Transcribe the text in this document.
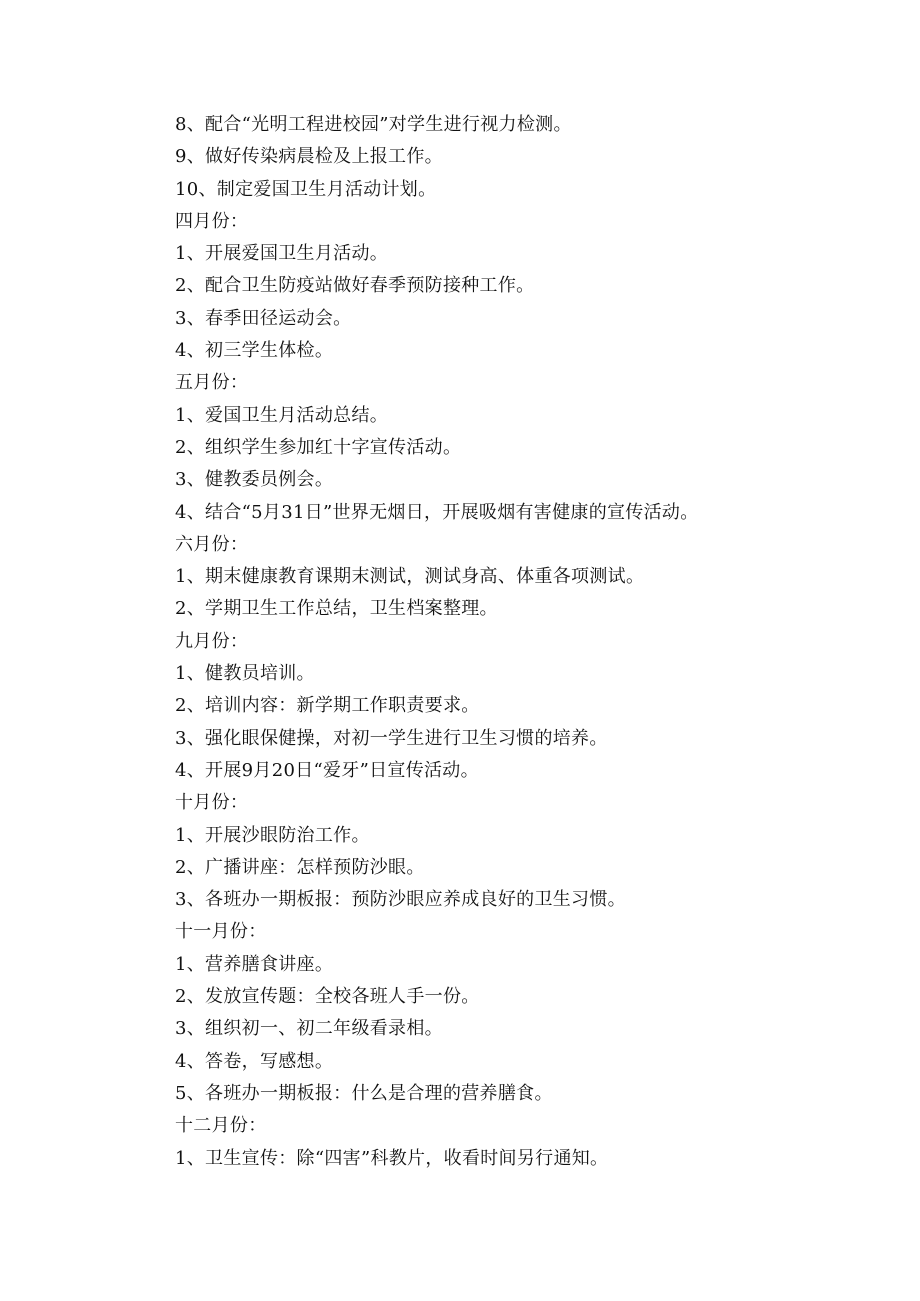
8、配合“光明工程进校园”对学生进行视力检测。
9、做好传染病晨检及上报工作。
10、制定爱国卫生月活动计划。
四月份：
1、开展爱国卫生月活动。
2、配合卫生防疫站做好春季预防接种工作。
3、春季田径运动会。
4、初三学生体检。
五月份：
1、爱国卫生月活动总结。
2、组织学生参加红十字宣传活动。
3、健教委员例会。
4、结合“5月31日”世界无烟日，开展吸烟有害健康的宣传活动。
六月份：
1、期末健康教育课期末测试，测试身高、体重各项测试。
2、学期卫生工作总结，卫生档案整理。
九月份：
1、健教员培训。
2、培训内容：新学期工作职责要求。
3、强化眼保健操，对初一学生进行卫生习惯的培养。
4、开展9月20日“爱牙”日宣传活动。
十月份：
1、开展沙眼防治工作。
2、广播讲座：怎样预防沙眼。
3、各班办一期板报：预防沙眼应养成良好的卫生习惯。
十一月份：
1、营养膳食讲座。
2、发放宣传题：全校各班人手一份。
3、组织初一、初二年级看录相。
4、答卷，写感想。
5、各班办一期板报：什么是合理的营养膳食。
十二月份：
1、卫生宣传：除“四害”科教片，收看时间另行通知。
